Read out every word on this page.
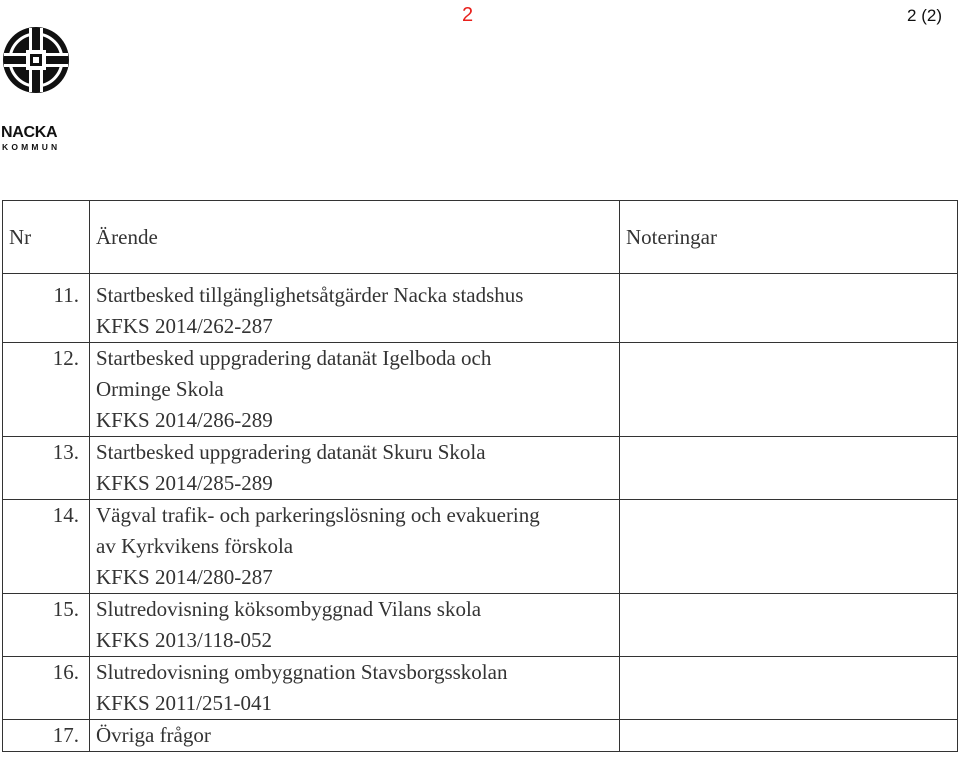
2	2 (2)
NACKA
KOMMUN
Nr	Ärende	Noteringar
11.	Startbesked tillgänglighetsåtgärder Nacka stadshus
KFKS 2014/262-287	

12.	Startbesked uppgradering datanät Igelboda och
Orminge Skola
KFKS 2014/286-289	

13.	Startbesked uppgradering datanät Skuru Skola
KFKS 2014/285-289	

14.	Vägval trafik- och parkeringslösning och evakuering
av Kyrkvikens förskola
KFKS 2014/280-287	

15.	Slutredovisning köksombyggnad Vilans skola
KFKS 2013/118-052	

16.	Slutredovisning ombyggnation Stavsborgsskolan
KFKS 2011/251-041	

17.	Övriga frågor	
